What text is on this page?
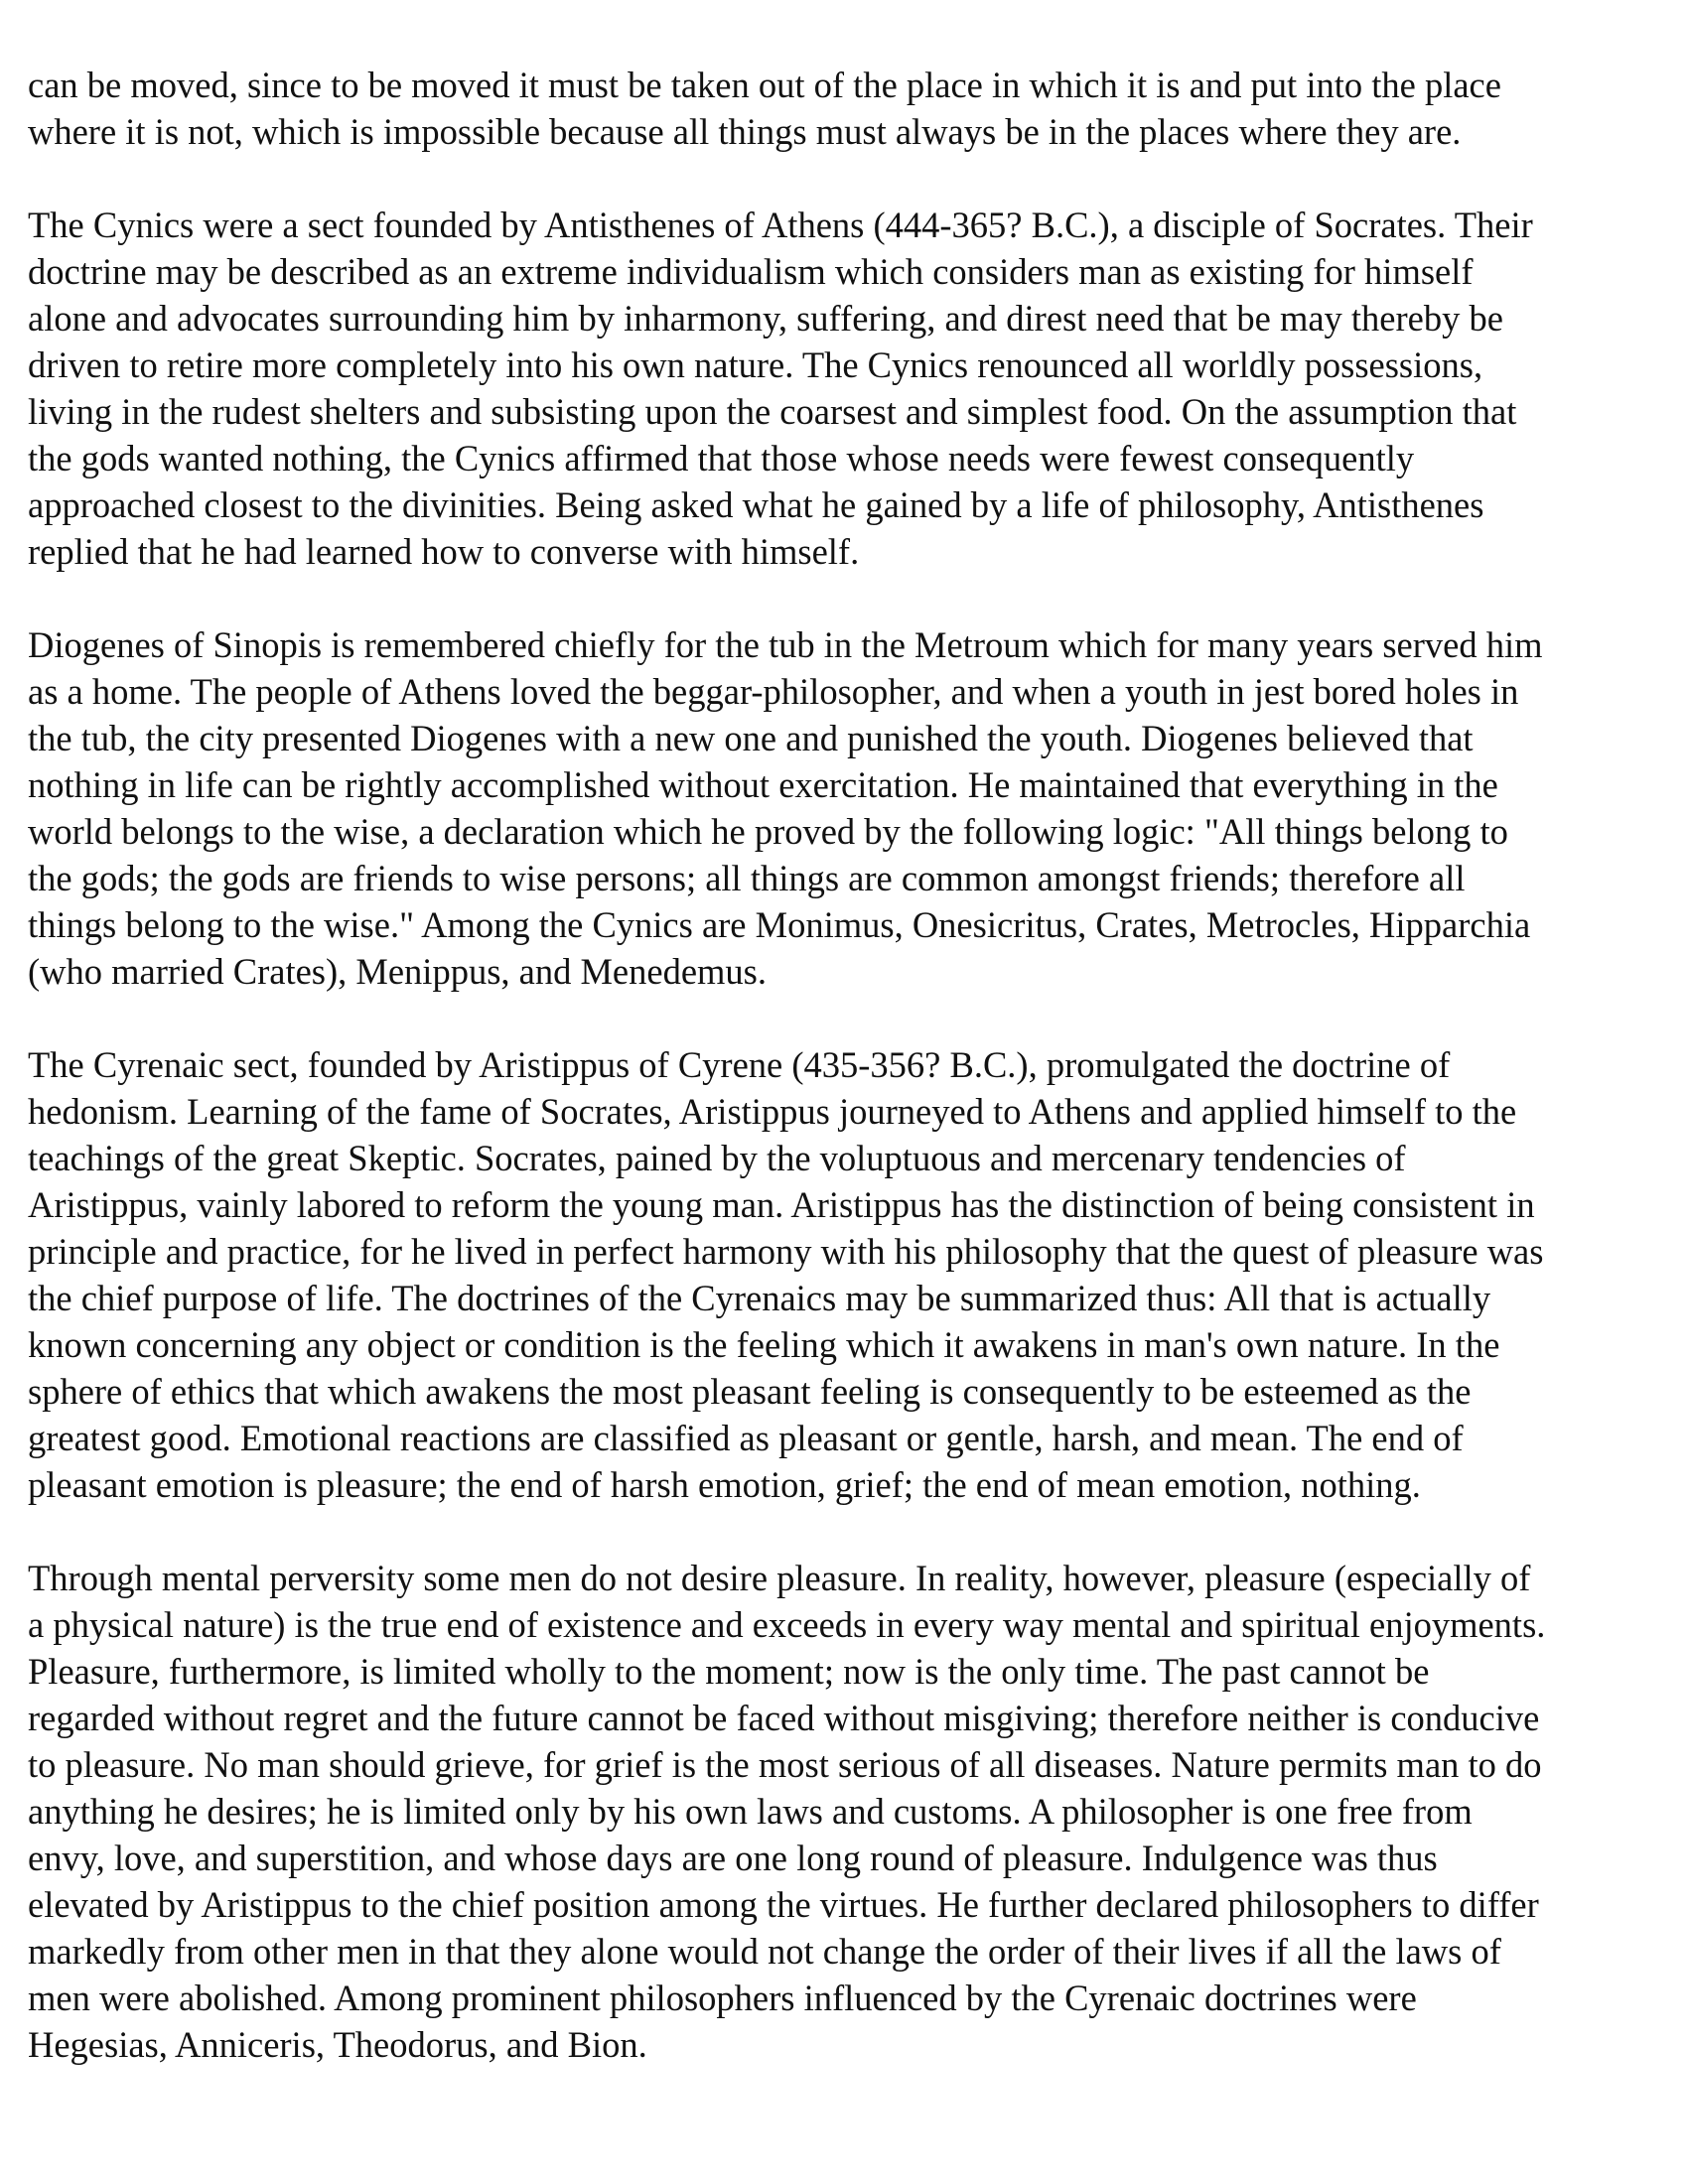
can be moved, since to be moved it must be taken out of the place in which it is and put into the place
where it is not, which is impossible because all things must always be in the places where they are.

The Cynics were a sect founded by Antisthenes of Athens (444-365? B.C.), a disciple of Socrates. Their
doctrine may be described as an extreme individualism which considers man as existing for himself
alone and advocates surrounding him by inharmony, suffering, and direst need that be may thereby be
driven to retire more completely into his own nature. The Cynics renounced all worldly possessions,
living in the rudest shelters and subsisting upon the coarsest and simplest food. On the assumption that
the gods wanted nothing, the Cynics affirmed that those whose needs were fewest consequently
approached closest to the divinities. Being asked what he gained by a life of philosophy, Antisthenes
replied that he had learned how to converse with himself.

Diogenes of Sinopis is remembered chiefly for the tub in the Metroum which for many years served him
as a home. The people of Athens loved the beggar-philosopher, and when a youth in jest bored holes in
the tub, the city presented Diogenes with a new one and punished the youth. Diogenes believed that
nothing in life can be rightly accomplished without exercitation. He maintained that everything in the
world belongs to the wise, a declaration which he proved by the following logic: "All things belong to
the gods; the gods are friends to wise persons; all things are common amongst friends; therefore all
things belong to the wise." Among the Cynics are Monimus, Onesicritus, Crates, Metrocles, Hipparchia
(who married Crates), Menippus, and Menedemus.

The Cyrenaic sect, founded by Aristippus of Cyrene (435-356? B.C.), promulgated the doctrine of
hedonism. Learning of the fame of Socrates, Aristippus journeyed to Athens and applied himself to the
teachings of the great Skeptic. Socrates, pained by the voluptuous and mercenary tendencies of
Aristippus, vainly labored to reform the young man. Aristippus has the distinction of being consistent in
principle and practice, for he lived in perfect harmony with his philosophy that the quest of pleasure was
the chief purpose of life. The doctrines of the Cyrenaics may be summarized thus: All that is actually
known concerning any object or condition is the feeling which it awakens in man's own nature. In the
sphere of ethics that which awakens the most pleasant feeling is consequently to be esteemed as the
greatest good. Emotional reactions are classified as pleasant or gentle, harsh, and mean. The end of
pleasant emotion is pleasure; the end of harsh emotion, grief; the end of mean emotion, nothing.

Through mental perversity some men do not desire pleasure. In reality, however, pleasure (especially of
a physical nature) is the true end of existence and exceeds in every way mental and spiritual enjoyments.
Pleasure, furthermore, is limited wholly to the moment; now is the only time. The past cannot be
regarded without regret and the future cannot be faced without misgiving; therefore neither is conducive
to pleasure. No man should grieve, for grief is the most serious of all diseases. Nature permits man to do
anything he desires; he is limited only by his own laws and customs. A philosopher is one free from
envy, love, and superstition, and whose days are one long round of pleasure. Indulgence was thus
elevated by Aristippus to the chief position among the virtues. He further declared philosophers to differ
markedly from other men in that they alone would not change the order of their lives if all the laws of
men were abolished. Among prominent philosophers influenced by the Cyrenaic doctrines were
Hegesias, Anniceris, Theodorus, and Bion.
